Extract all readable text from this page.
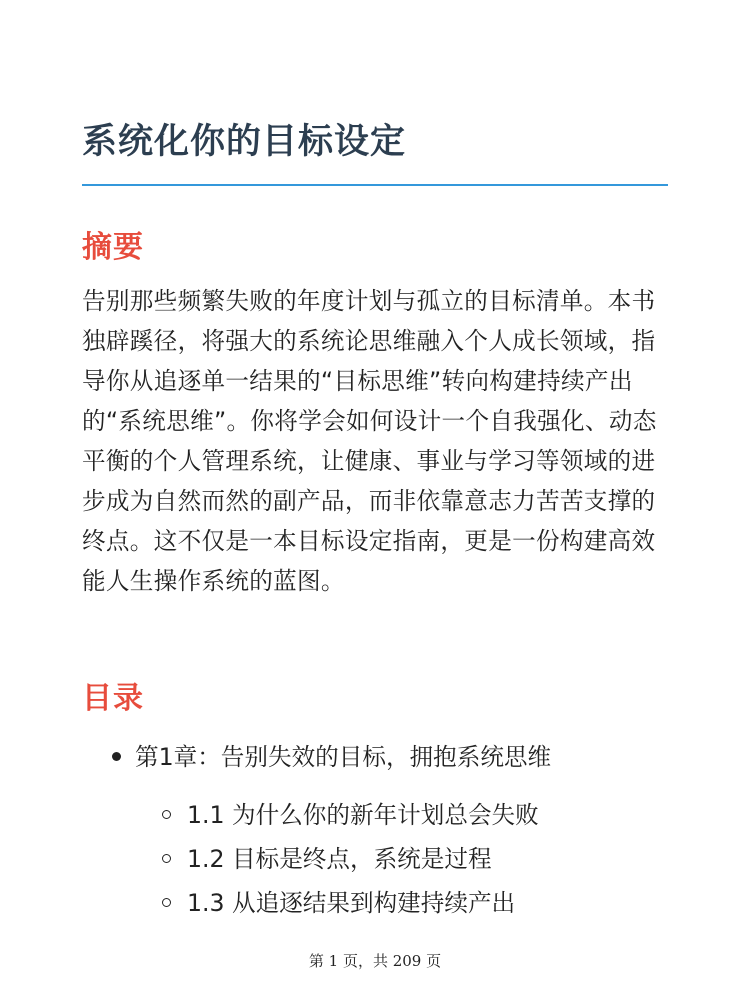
系统化你的目标设定
摘要

告别那些频繁失败的年度计划与孤立的目标清单。本书独辟蹊径，将强大的系统论思维融入个人成长领域，指导你从追逐单一结果的“目标思维”转向构建持续产出的“系统思维”。你将学会如何设计一个自我强化、动态平衡的个人管理系统，让健康、事业与学习等领域的进步成为自然而然的副产品，而非依靠意志力苦苦支撑的终点。这不仅是一本目标设定指南，更是一份构建高效能人生操作系统的蓝图。

目录
第1章：告别失效的目标，拥抱系统思维
1.1 为什么你的新年计划总会失败
1.2 目标是终点，系统是过程
1.3 从追逐结果到构建持续产出
第 1 页，共 209 页
